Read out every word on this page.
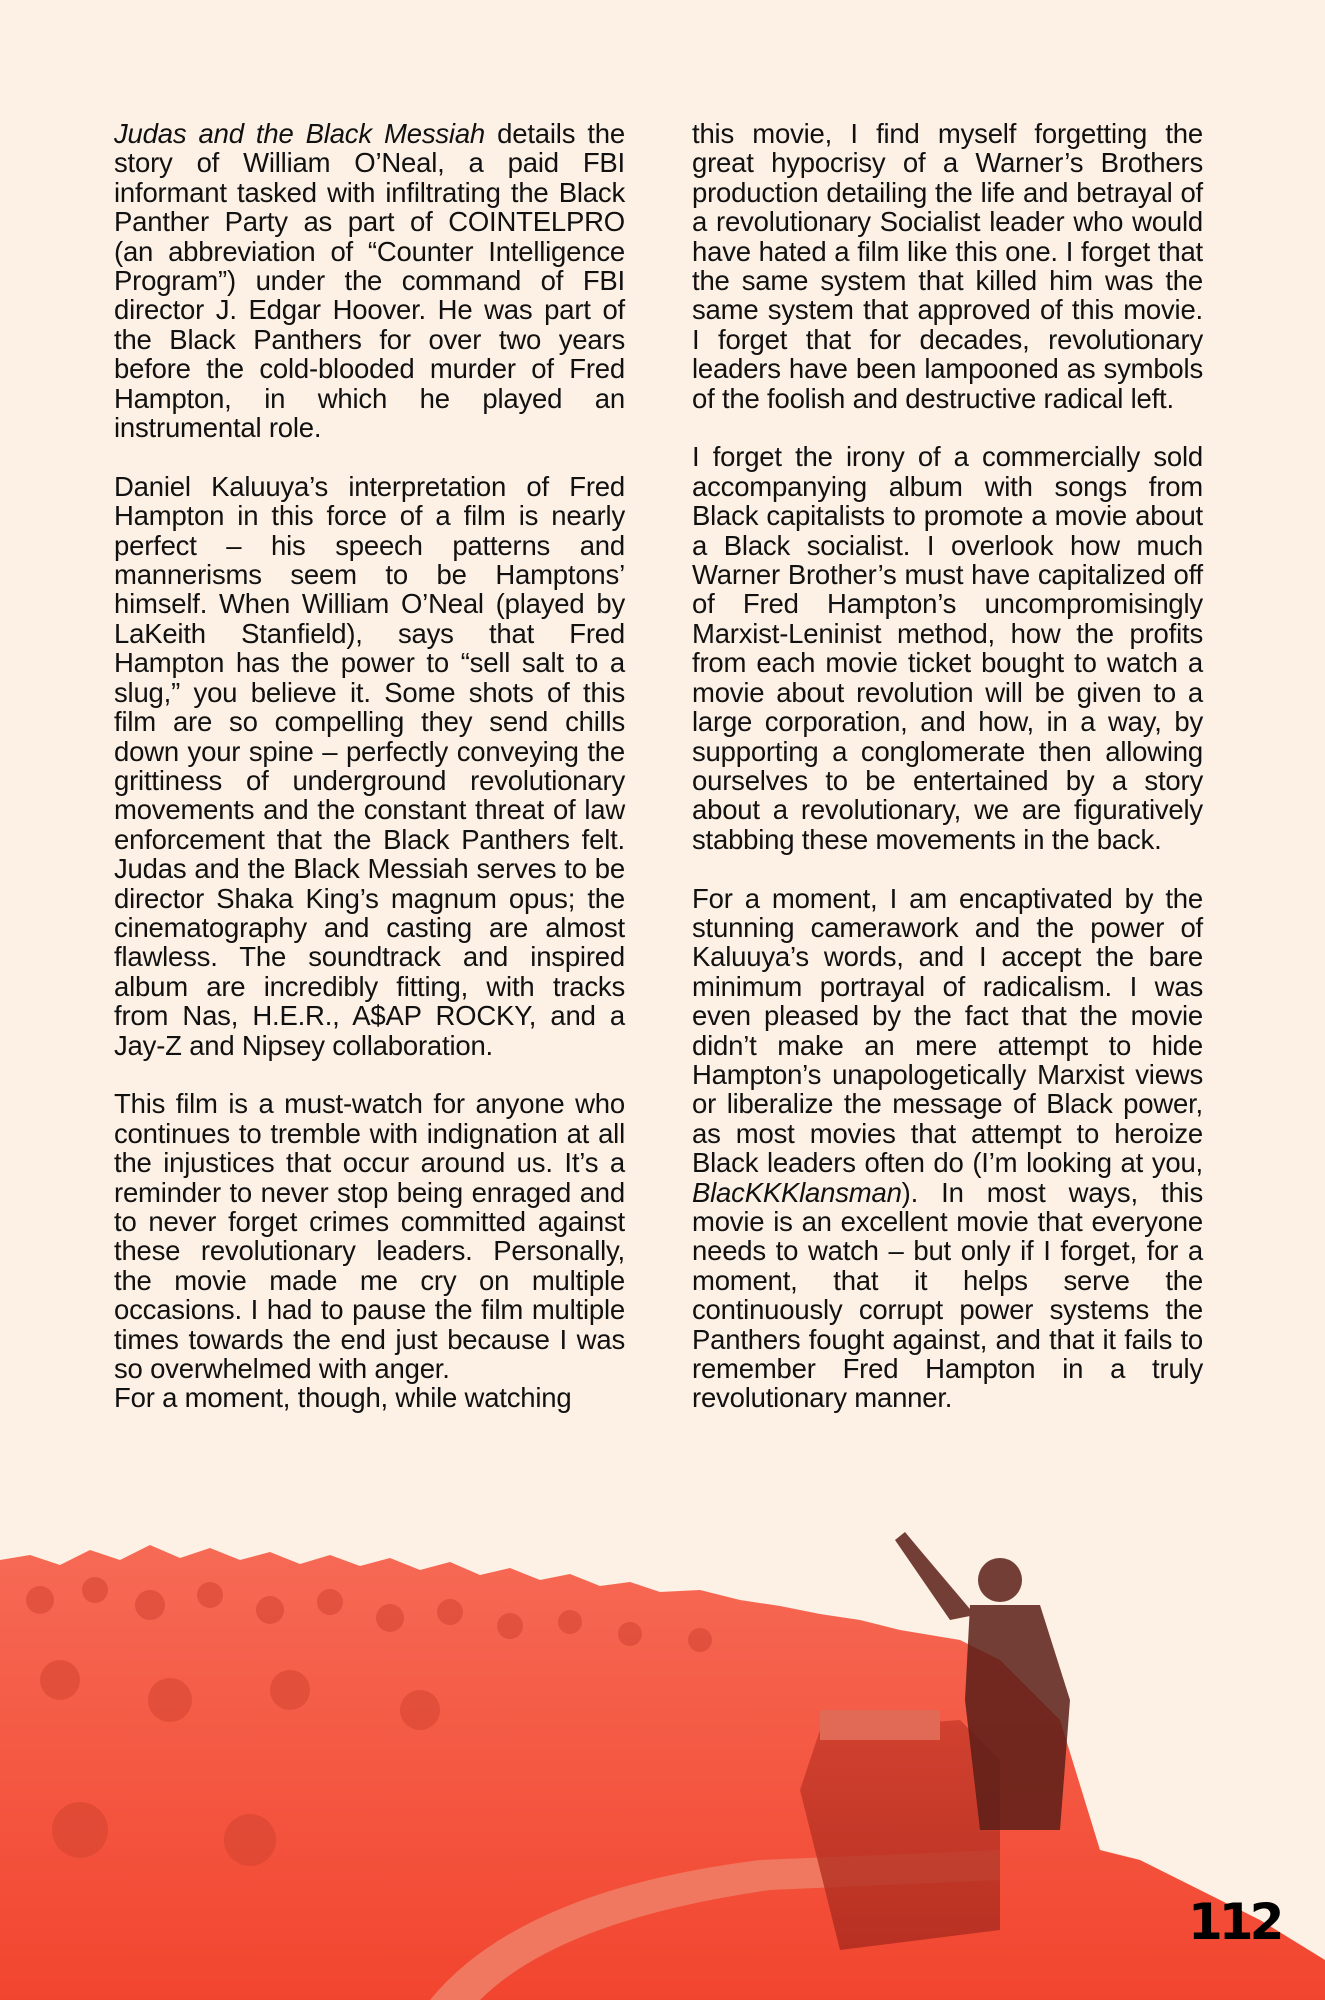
Judas and the Black Messiah details the story of William O’Neal, a paid FBI informant tasked with infiltrating the Black Panther Party as part of COINTELPRO (an abbreviation of “Counter Intelligence Program”) under the command of FBI director J. Edgar Hoover. He was part of the Black Panthers for over two years before the cold-blooded murder of Fred Hampton, in which he played an instrumental role.

Daniel Kaluuya’s interpretation of Fred Hampton in this force of a film is nearly perfect – his speech patterns and mannerisms seem to be Hamptons’ himself. When William O’Neal (played by LaKeith Stanfield), says that Fred Hampton has the power to “sell salt to a slug,” you believe it. Some shots of this film are so compelling they send chills down your spine – perfectly conveying the grittiness of underground revolutionary movements and the constant threat of law enforcement that the Black Panthers felt. Judas and the Black Messiah serves to be director Shaka King’s magnum opus; the cinematography and casting are almost flawless. The soundtrack and inspired album are incredibly fitting, with tracks from Nas, H.E.R., A$AP ROCKY, and a Jay-Z and Nipsey collaboration.

This film is a must-watch for anyone who continues to tremble with indignation at all the injustices that occur around us. It’s a reminder to never stop being enraged and to never forget crimes committed against these revolutionary leaders. Personally, the movie made me cry on multiple occasions. I had to pause the film multiple times towards the end just because I was so overwhelmed with anger.

For a moment, though, while watching

this movie, I find myself forgetting the great hypocrisy of a Warner’s Brothers production detailing the life and betrayal of a revolutionary Socialist leader who would have hated a film like this one. I forget that the same system that killed him was the same system that approved of this movie. I forget that for decades, revolutionary leaders have been lampooned as symbols of the foolish and destructive radical left.

I forget the irony of a commercially sold accompanying album with songs from Black capitalists to promote a movie about a Black socialist. I overlook how much Warner Brother’s must have capitalized off of Fred Hampton’s uncompromisingly Marxist-Leninist method, how the profits from each movie ticket bought to watch a movie about revolution will be given to a large corporation, and how, in a way, by supporting a conglomerate then allowing ourselves to be entertained by a story about a revolutionary, we are figuratively stabbing these movements in the back.

For a moment, I am encaptivated by the stunning camerawork and the power of Kaluuya’s words, and I accept the bare minimum portrayal of radicalism. I was even pleased by the fact that the movie didn’t make an mere attempt to hide Hampton’s unapologetically Marxist views or liberalize the message of Black power, as most movies that attempt to heroize Black leaders often do (I’m looking at you, BlacKKKlansman). In most ways, this movie is an excellent movie that everyone needs to watch – but only if I forget, for a moment, that it helps serve the continuously corrupt power systems the Panthers fought against, and that it fails to remember Fred Hampton in a truly revolutionary manner.

112
